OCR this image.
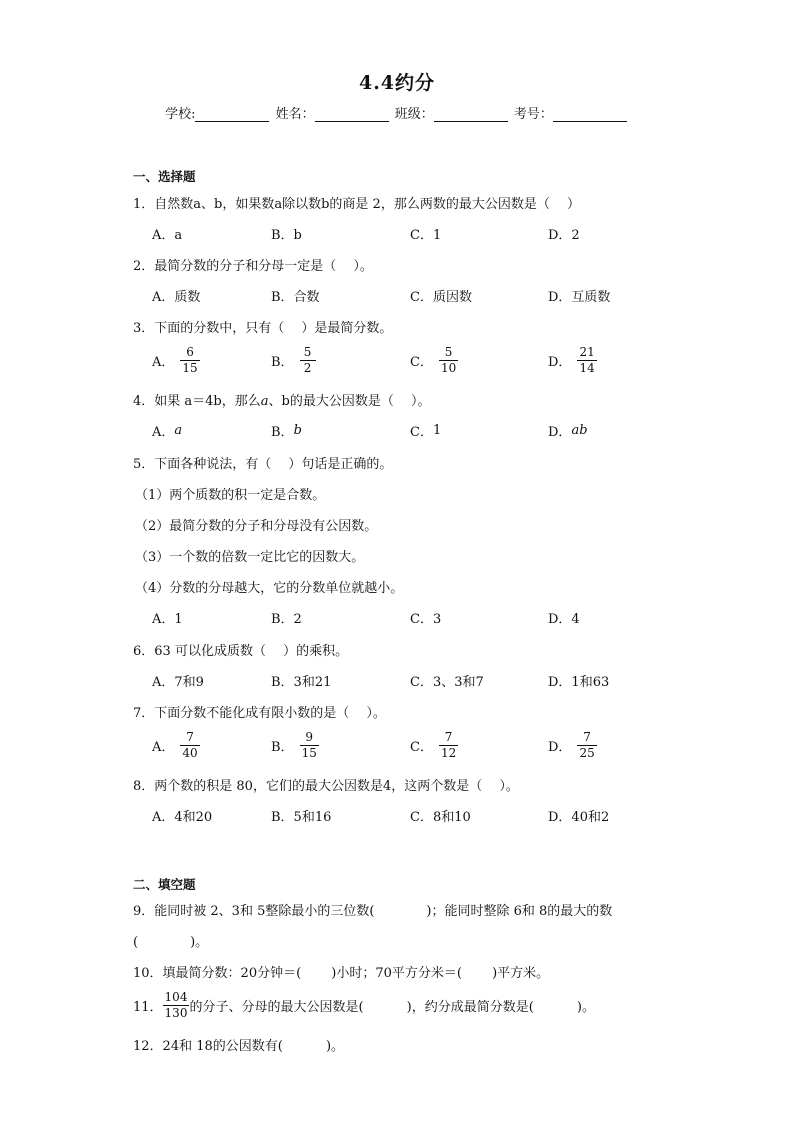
4.4约分
学校:	姓名：	班级：	考号：
一、选择题
1．自然数a、b，如果数a除以数b的商是 2，那么两数的最大公因数是（　 ）
A．a	B．b	C．1	D．2
2．最简分数的分子和分母一定是（　 ）。
A．质数	B．合数	C．质因数	D．互质数
3．下面的分数中，只有（　 ）是最简分数。
A． $\frac{6}{15}$	B． $\frac{5}{2}$	C． $\frac{5}{10}$	D． $\frac{21}{14}$
4．如果 a＝4b，那么a、b的最大公因数是（　 ）。
A． a	B． b	C． 1	D． ab
5．下面各种说法，有（　 ）句话是正确的。
（1）两个质数的积一定是合数。
（2）最简分数的分子和分母没有公因数。
（3）一个数的倍数一定比它的因数大。
（4）分数的分母越大，它的分数单位就越小。
A．1	B．2	C．3	D．4
6．63 可以化成质数（　 ）的乘积。
A．7和9	B．3和21	C．3、3和7	D．1和63
7．下面分数不能化成有限小数的是（　 ）。
A． $\frac{7}{40}$	B． $\frac{9}{15}$	C． $\frac{7}{12}$	D． $\frac{7}{25}$
8．两个数的积是 80，它们的最大公因数是4，这两个数是（　 ）。
A．4和20	B．5和16	C．8和10	D．40和2
二、填空题
9．能同时被 2、3和 5整除最小的三位数(　　　　)；能同时整除 6和 8的最大的数
(　　　　)。
10．填最简分数：20分钟＝(　　 )小时；70平方分米＝(　　 )平方米。
11． $\frac{104}{130}$ 的分子、分母的最大公因数是(　　　 )，约分成最简分数是(　　　 )。
12．24和 18的公因数有(　　　 )。
